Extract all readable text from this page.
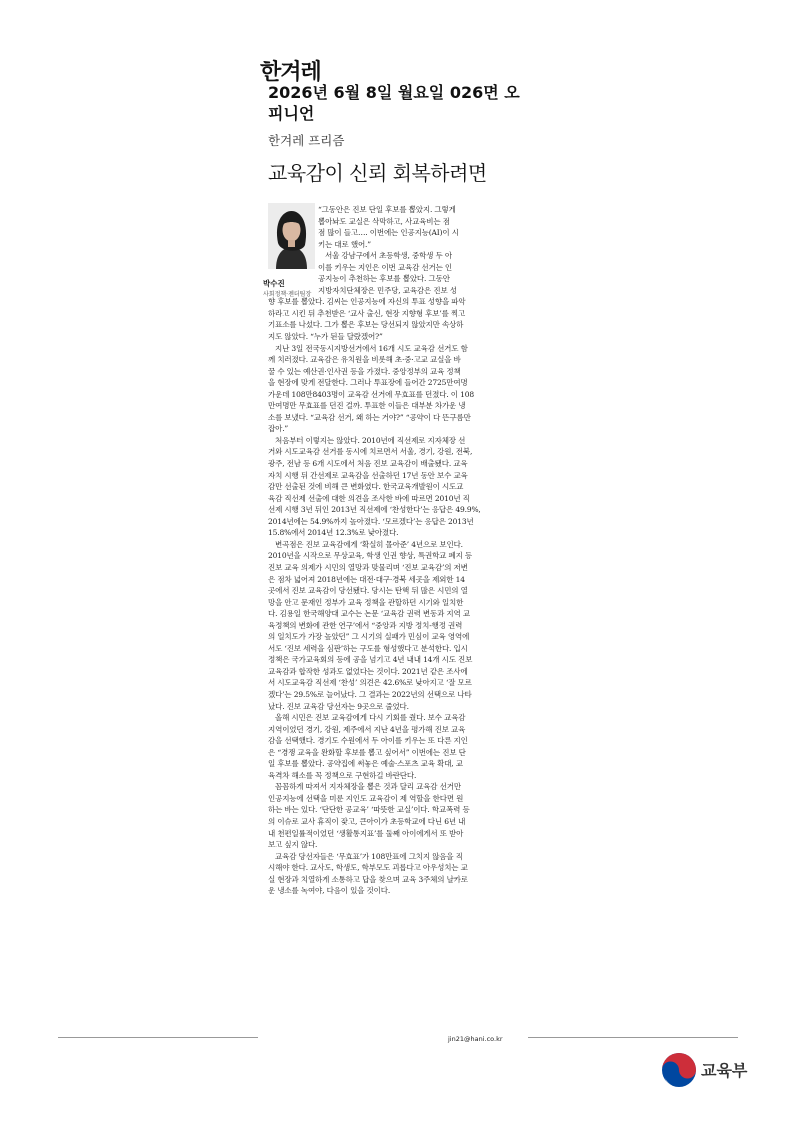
한겨레
2026년 6월 8일 월요일 026면 오피니언
한겨레 프리즘
교육감이 신뢰 회복하려면
박수진
사회정책·젠더팀장
“그동안은 진보 단일 후보를 뽑았지. 그렇게
뽑아놔도 교실은 삭막하고, 사교육비는 점
점 많이 들고…. 이번에는 인공지능(AI)이 시
키는 대로 했어.”
서울 강남구에서 초등학생, 중학생 두 아
이를 키우는 지인은 이번 교육감 선거는 인
공지능이 추천하는 후보를 뽑았다. 그동안
지방자치단체장은 민주당, 교육감은 진보 성
향 후보를 뽑았다. 김씨는 인공지능에 자신의 투표 성향을 파악
하라고 시킨 뒤 추천받은 ‘교사 출신, 현장 지향형 후보’를 찍고
기표소를 나섰다. 그가 뽑은 후보는 당선되지 않았지만 속상하
지도 않았다. “누가 된들 달랐겠어?”
지난 3일 전국동시지방선거에서 16개 시도 교육감 선거도 함
께 치러졌다. 교육감은 유치원을 비롯해 초·중·고교 교실을 바
꿀 수 있는 예산권·인사권 등을 가졌다. 중앙정부의 교육 정책
을 현장에 맞게 전달한다. 그러나 투표장에 들어간 2725만여명
가운데 108만8403명이 교육감 선거에 무효표를 던졌다. 이 108
만여명만 무효표를 던진 걸까. 투표한 이들은 대부분 차가운 냉
소를 보냈다. “교육감 선거, 왜 하는 거야?” “공약이 다 뜬구름만
잡아.”
처음부터 이렇지는 않았다. 2010년에 직선제로 지자체장 선
거와 시도교육감 선거를 동시에 치르면서 서울, 경기, 강원, 전북,
광주, 전남 등 6개 시도에서 처음 진보 교육감이 배출됐다. 교육
자치 시행 뒤 간선제로 교육감을 선출하던 17년 동안 보수 교육
감만 선출된 것에 비해 큰 변화였다. 한국교육개발원이 시도교
육감 직선제 선출에 대한 의견을 조사한 바에 따르면 2010년 직
선제 시행 3년 뒤인 2013년 직선제에 ‘찬성한다’는 응답은 49.9%,
2014년에는 54.9%까지 높아졌다. ‘모르겠다’는 응답은 2013년
15.8%에서 2014년 12.3%로 낮아졌다.
변곡점은 진보 교육감에게 ‘확실히 몰아준’ 4년으로 보인다.
2010년을 시작으로 무상교육, 학생 인권 향상, 특권학교 폐지 등
진보 교육 의제가 시민의 열망과 맞물리며 ‘진보 교육감’의 저변
은 점차 넓어져 2018년에는 대전·대구·경북 세곳을 제외한 14
곳에서 진보 교육감이 당선됐다. 당시는 탄핵 뒤 많은 시민의 열
망을 안고 문재인 정부가 교육 정책을 관할하던 시기와 일치한
다. 김용일 한국해양대 교수는 논문 ‘교육감 권력 변동과 지역 교
육정책의 변화에 관한 연구’에서 “중앙과 지방 정치-행정 권력
의 일치도가 가장 높았던” 그 시기의 실패가 민심이 교육 영역에
서도 ‘진보 세력을 심판’하는 구도를 형성했다고 분석한다. 입시
정책은 국가교육회의 등에 공을 넘기고 4년 내내 14개 시도 진보
교육감과 합작한 성과도 없었다는 것이다. 2021년 같은 조사에
서 시도교육감 직선제 ‘찬성’ 의견은 42.6%로 낮아지고 ‘잘 모르
겠다’는 29.5%로 늘어났다. 그 결과는 2022년의 선택으로 나타
났다. 진보 교육감 당선자는 9곳으로 줄었다.
올해 시민은 진보 교육감에게 다시 기회를 줬다. 보수 교육감
지역이었던 경기, 강원, 제주에서 지난 4년을 평가해 진보 교육
감을 선택했다. 경기도 수원에서 두 아이를 키우는 또 다른 지인
은 “경쟁 교육을 완화할 후보를 뽑고 싶어서” 이번에는 진보 단
일 후보를 뽑았다. 공약집에 써놓은 예술·스포츠 교육 확대, 교
육격차 해소를 꼭 정책으로 구현하길 바란단다.
꼼꼼하게 따져서 지자체장을 뽑은 것과 달리 교육감 선거만
인공지능에 선택을 미룬 지인도 교육감이 제 역할을 한다면 원
하는 바는 있다. ‘단단한 공교육’ ‘따뜻한 교실’이다. 학교폭력 등
의 이슈로 교사 휴직이 잦고, 큰아이가 초등학교에 다닌 6년 내
내 천편일률적이었던 ‘생활통지표’를 둘째 아이에게서 또 받아
보고 싶지 않다.
교육감 당선자들은 ‘무효표’가 108만표에 그치지 않음을 직
시해야 한다. 교사도, 학생도, 학부모도 괴롭다고 아우성치는 교
실 현장과 치열하게 소통하고 답을 찾으며 교육 3주체의 날카로
운 냉소를 녹여야, 다음이 있을 것이다.
jin21@hani.co.kr
교육부
